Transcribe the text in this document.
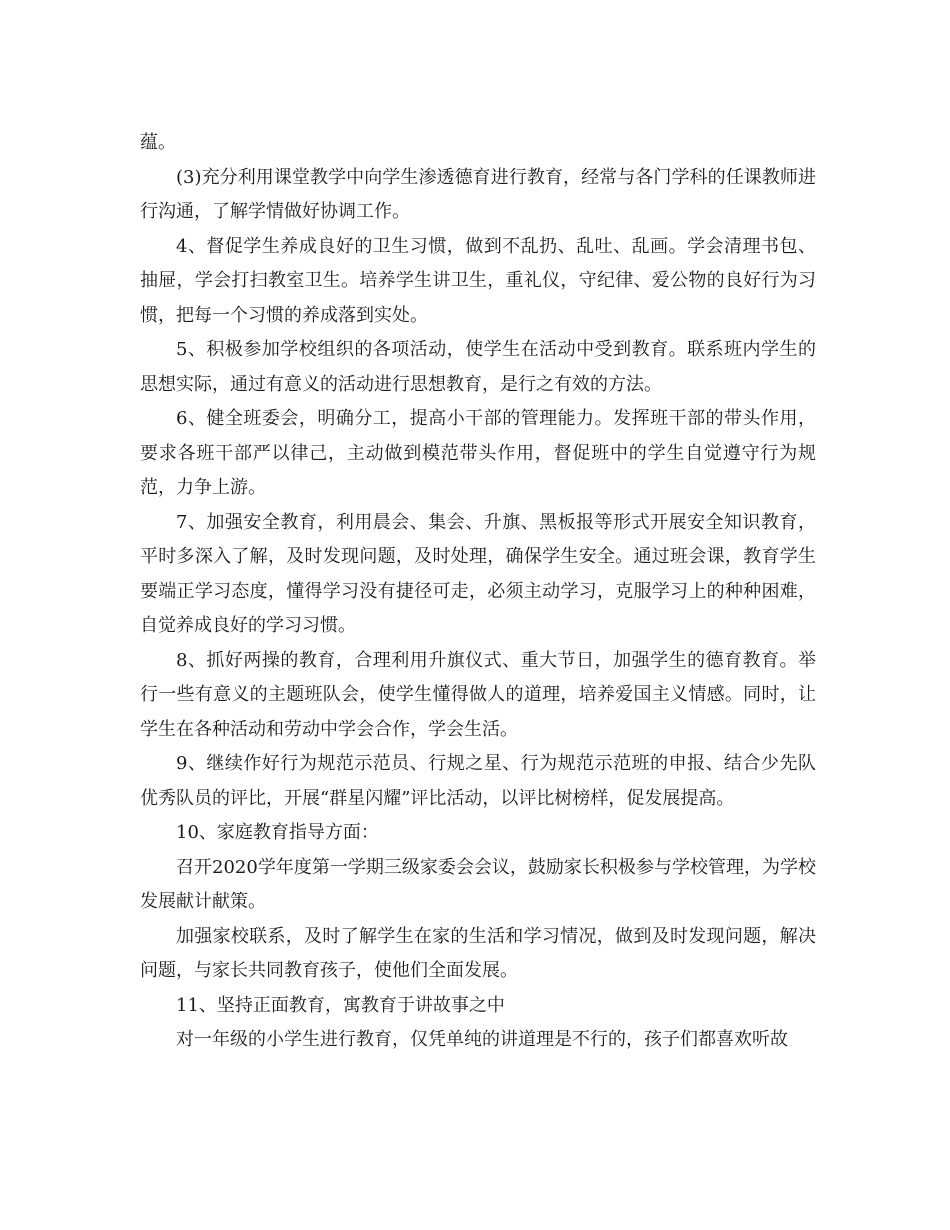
蕴。

(3)充分利用课堂教学中向学生渗透德育进行教育，经常与各门学科的任课教师进行沟通，了解学情做好协调工作。

4、督促学生养成良好的卫生习惯，做到不乱扔、乱吐、乱画。学会清理书包、抽屉，学会打扫教室卫生。培养学生讲卫生，重礼仪，守纪律、爱公物的良好行为习惯，把每一个习惯的养成落到实处。

5、积极参加学校组织的各项活动，使学生在活动中受到教育。联系班内学生的思想实际，通过有意义的活动进行思想教育，是行之有效的方法。

6、健全班委会，明确分工，提高小干部的管理能力。发挥班干部的带头作用，要求各班干部严以律己，主动做到模范带头作用，督促班中的学生自觉遵守行为规范，力争上游。

7、加强安全教育，利用晨会、集会、升旗、黑板报等形式开展安全知识教育，平时多深入了解，及时发现问题，及时处理，确保学生安全。通过班会课，教育学生要端正学习态度，懂得学习没有捷径可走，必须主动学习，克服学习上的种种困难，自觉养成良好的学习习惯。

8、抓好两操的教育，合理利用升旗仪式、重大节日，加强学生的德育教育。举行一些有意义的主题班队会，使学生懂得做人的道理，培养爱国主义情感。同时，让学生在各种活动和劳动中学会合作，学会生活。

9、继续作好行为规范示范员、行规之星、行为规范示范班的申报、结合少先队优秀队员的评比，开展“群星闪耀”评比活动，以评比树榜样，促发展提高。

10、家庭教育指导方面：

召开2020学年度第一学期三级家委会会议，鼓励家长积极参与学校管理，为学校发展献计献策。

加强家校联系，及时了解学生在家的生活和学习情况，做到及时发现问题，解决问题，与家长共同教育孩子，使他们全面发展。

11、坚持正面教育，寓教育于讲故事之中

对一年级的小学生进行教育，仅凭单纯的讲道理是不行的，孩子们都喜欢听故
